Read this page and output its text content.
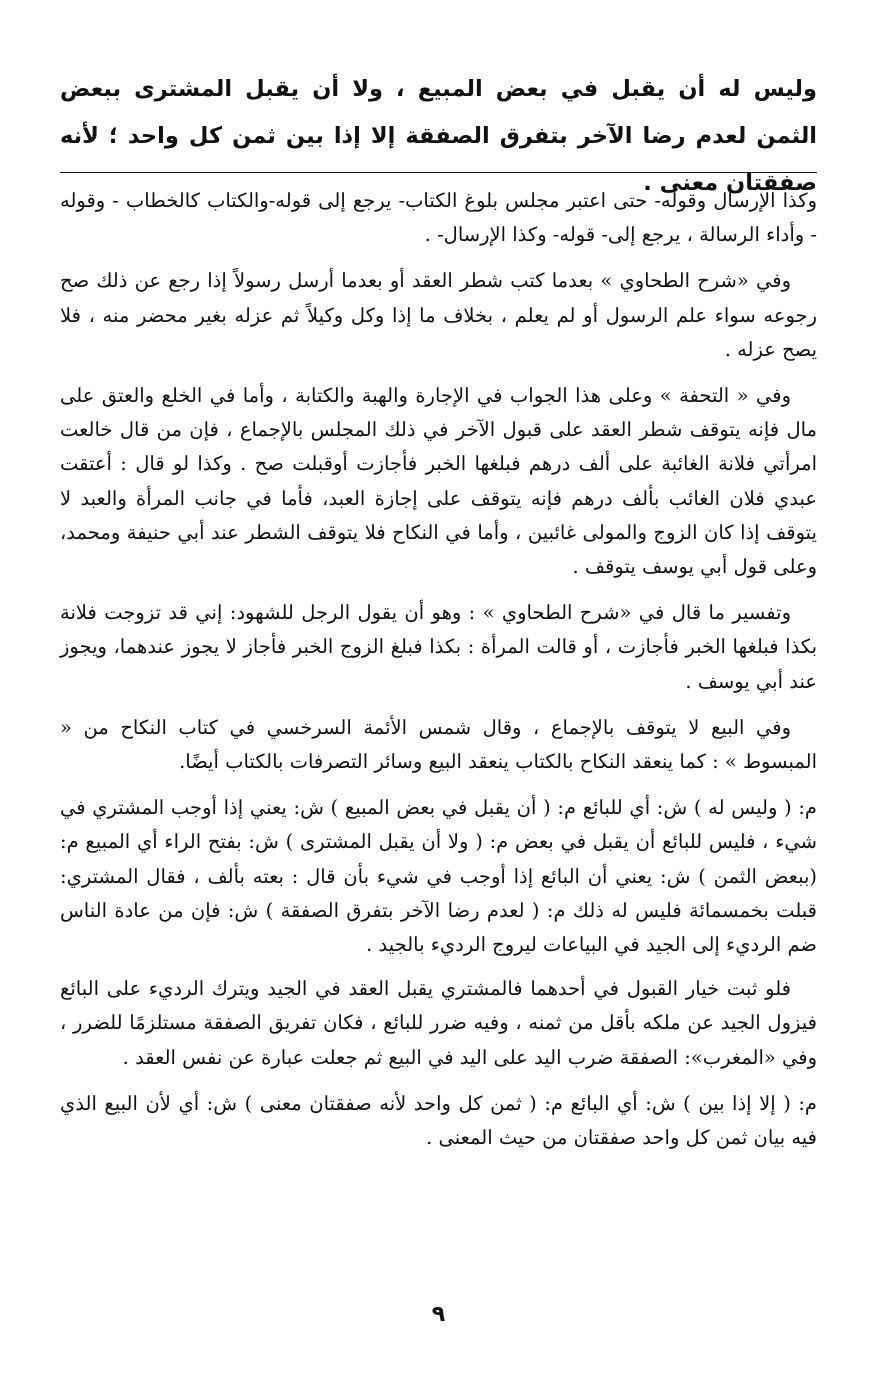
وليس له أن يقبل في بعض المبيع ، ولا أن يقبل المشترى ببعض الثمن لعدم رضا الآخر بتفرق الصفقة إلا إذا بين ثمن كل واحد ؛ لأنه صفقتان معنى .

وكذا الإرسال وقوله- حتى اعتبر مجلس بلوغ الكتاب- يرجع إلى قوله-والكتاب كالخطاب - وقوله - وأداء الرسالة ، يرجع إلى- قوله- وكذا الإرسال- .

وفي «شرح الطحاوي » بعدما كتب شطر العقد أو بعدما أرسل رسولاً إذا رجع عن ذلك صح رجوعه سواء علم الرسول أو لم يعلم ، بخلاف ما إذا وكل وكيلاً ثم عزله بغير محضر منه ، فلا يصح عزله .

وفي « التحفة » وعلى هذا الجواب في الإجارة والهبة والكتابة ، وأما في الخلع والعتق على مال فإنه يتوقف شطر العقد على قبول الآخر في ذلك المجلس بالإجماع ، فإن من قال خالعت امرأتي فلانة الغائبة على ألف درهم فبلغها الخبر فأجازت أوقبلت صح . وكذا لو قال : أعتقت عبدي فلان الغائب بألف درهم فإنه يتوقف على إجازة العبد، فأما في جانب المرأة والعبد لا يتوقف إذا كان الزوج والمولى غائبين ، وأما في النكاح فلا يتوقف الشطر عند أبي حنيفة ومحمد، وعلى قول أبي يوسف يتوقف .

وتفسير ما قال في «شرح الطحاوي » : وهو أن يقول الرجل للشهود: إني قد تزوجت فلانة بكذا فبلغها الخبر فأجازت ، أو قالت المرأة : بكذا فبلغ الزوج الخبر فأجاز لا يجوز عندهما، ويجوز عند أبي يوسف .

وفي البيع لا يتوقف بالإجماع ، وقال شمس الأئمة السرخسي في كتاب النكاح من « المبسوط » : كما ينعقد النكاح بالكتاب ينعقد البيع وسائر التصرفات بالكتاب أيضًا.

م: ( وليس له ) ش: أي للبائع م: ( أن يقبل في بعض المبيع ) ش: يعني إذا أوجب المشتري في شيء ، فليس للبائع أن يقبل في بعض م: ( ولا أن يقبل المشترى ) ش: بفتح الراء أي المبيع م: (ببعض الثمن ) ش: يعني أن البائع إذا أوجب في شيء بأن قال : بعته بألف ، فقال المشتري: قبلت بخمسمائة فليس له ذلك م: ( لعدم رضا الآخر بتفرق الصفقة ) ش: فإن من عادة الناس ضم الرديء إلى الجيد في البياعات ليروج الرديء بالجيد .

فلو ثبت خيار القبول في أحدهما فالمشتري يقبل العقد في الجيد ويترك الرديء على البائع فيزول الجيد عن ملكه بأقل من ثمنه ، وفيه ضرر للبائع ، فكان تفريق الصفقة مستلزمًا للضرر ، وفي «المغرب»: الصفقة ضرب اليد على اليد في البيع ثم جعلت عبارة عن نفس العقد .

م: ( إلا إذا بين ) ش: أي البائع م: ( ثمن كل واحد لأنه صفقتان معنى ) ش: أي لأن البيع الذي فيه بيان ثمن كل واحد صفقتان من حيث المعنى .

٩
